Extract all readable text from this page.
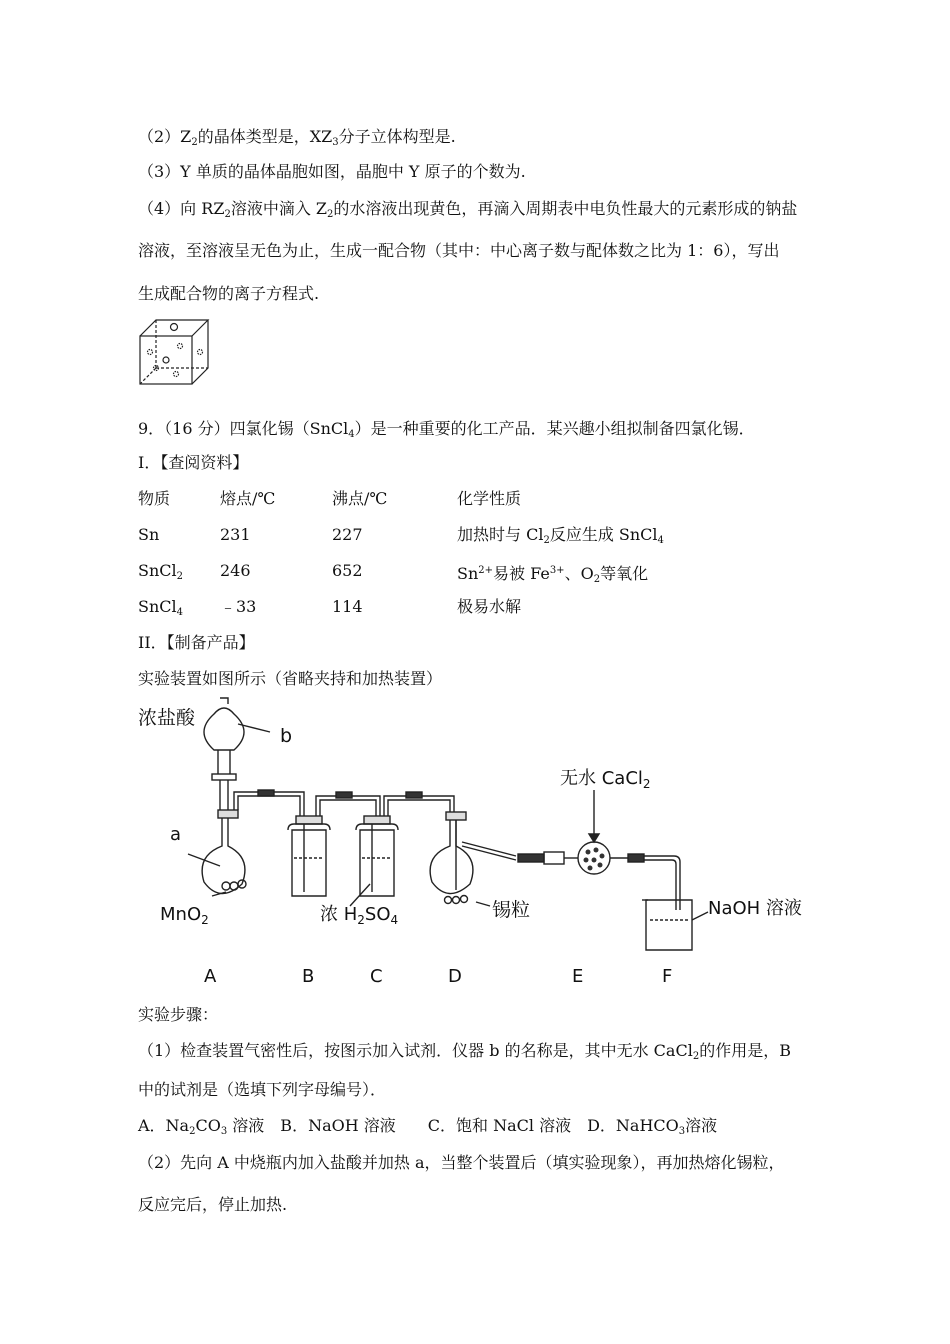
$(2)Z_2$的晶体类型是，$XZ_3$分子立体构型是.
（3）Y 单质的晶体晶胞如图，晶胞中 Y 原子的个数为.
（4）向 $RZ_2$溶液中滴入 $Z_2$的水溶液出现黄色，再滴入周期表中电负性最大的元素形成的钠盐
溶液，至溶液呈无色为止，生成一配合物（其中：中心离子数与配体数之比为 1：6），写出
生成配合物的离子方程式.
9．（16 分）四氯化锡（SnCl$_4$）是一种重要的化工产品．某兴趣小组拟制备四氯化锡．
I．【查阅资料】
物质	熔点/℃	沸点/℃	化学性质
Sn	231	227	加热时与 $Cl_2$反应生成 SnCl$_4$
SnCl$_2$ 246	652	$Sn^{2+}$易被 $Fe^{3+}$、$O_2$等氧化
SnCl$_4$ ﹣33	114	极易水解
II．【制备产品】
实验装置如图所示（省略夹持和加热装置）
浓盐酸
b
a
MnO$_2$	浓 $H_2SO_4$	锡粒
无水 CaCl$_2$
NaOH 溶液
A	B	C	D	E	F
实验步骤：
（1）检查装置气密性后，按图示加入试剂．仪器 b 的名称是，其中无水 CaCl$_2$的作用是，B
中的试剂是（选填下列字母编号）．
A．$Na_2CO_3$ 溶液　B．NaOH 溶液　　C．饱和 NaCl 溶液　D．NaHCO$_3$溶液
（2）先向 A 中烧瓶内加入盐酸并加热 a，当整个装置后（填实验现象），再加热熔化锡粒，
反应完后，停止加热.
